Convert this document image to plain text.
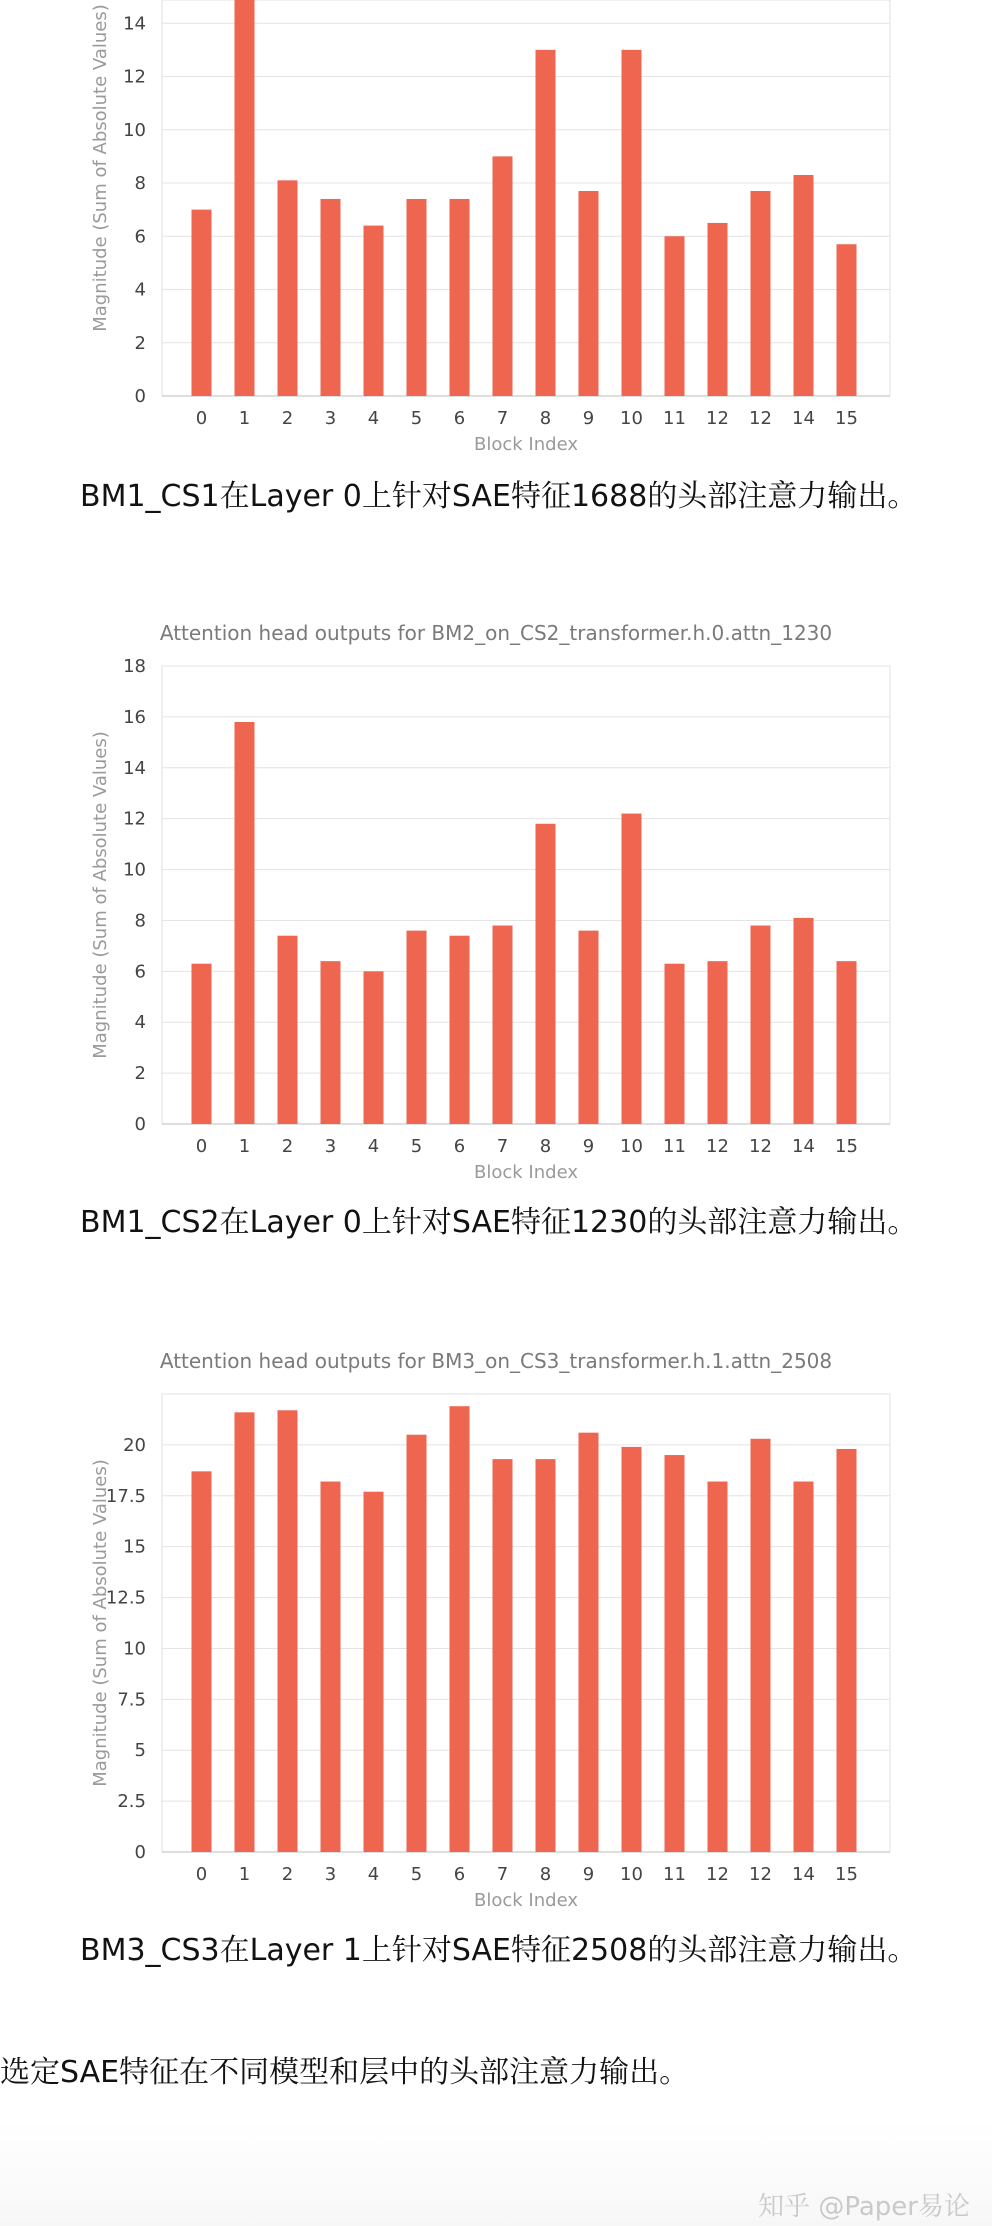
0
2
4
6
8
10
12
14
0 1 2 3 4 5 6 7 8 9 10 11 12 12 14 15
Block Index
Magnitude (Sum of Absolute Values)

BM1_CS1在Layer 0上针对SAE特征1688的头部注意力输出。

0
2
4
6
8
10
12
14
16
18
0 1 2 3 4 5 6 7 8 9 10 11 12 12 14 15
Block Index
Magnitude (Sum of Absolute Values)
Attention head outputs for BM2_on_CS2_transformer.h.0.attn_1230

BM1_CS2在Layer 0上针对SAE特征1230的头部注意力输出。

0
2.5
5
7.5
10
12.5
15
17.5
20
0 1 2 3 4 5 6 7 8 9 10 11 12 12 14 15
Block Index
Magnitude (Sum of Absolute Values)
Attention head outputs for BM3_on_CS3_transformer.h.1.attn_2508

BM3_CS3在Layer 1上针对SAE特征2508的头部注意力输出。

选定SAE特征在不同模型和层中的头部注意力输出。

知乎 @Paper易论
